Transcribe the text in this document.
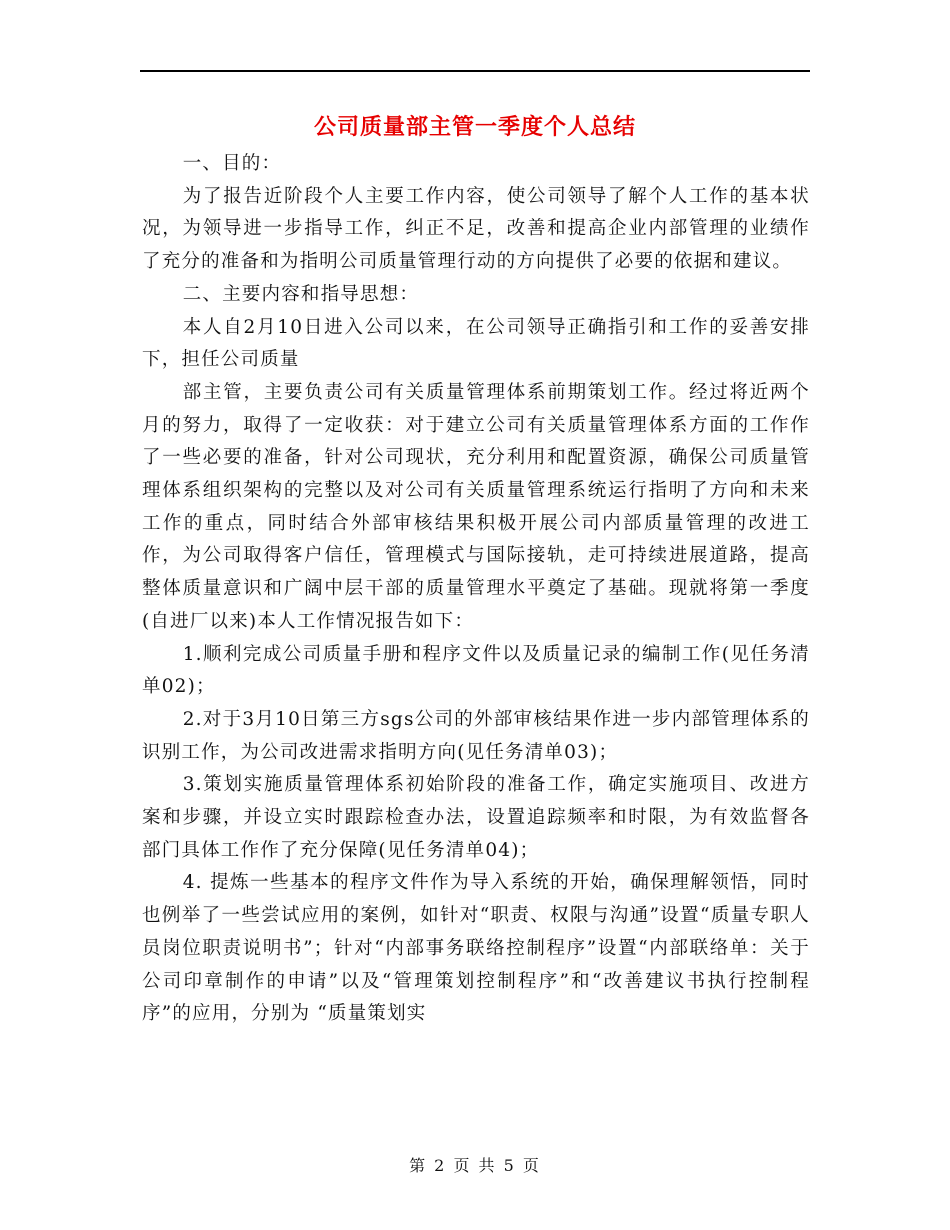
公司质量部主管一季度个人总结

一、目的：

为了报告近阶段个人主要工作内容，使公司领导了解个人工作的基本状况，为领导进一步指导工作，纠正不足，改善和提高企业内部管理的业绩作了充分的准备和为指明公司质量管理行动的方向提供了必要的依据和建议。

二、主要内容和指导思想：

本人自2月10日进入公司以来，在公司领导正确指引和工作的妥善安排下，担任公司质量

部主管，主要负责公司有关质量管理体系前期策划工作。经过将近两个月的努力，取得了一定收获：对于建立公司有关质量管理体系方面的工作作了一些必要的准备，针对公司现状，充分利用和配置资源，确保公司质量管理体系组织架构的完整以及对公司有关质量管理系统运行指明了方向和未来工作的重点，同时结合外部审核结果积极开展公司内部质量管理的改进工作，为公司取得客户信任，管理模式与国际接轨，走可持续进展道路，提高整体质量意识和广阔中层干部的质量管理水平奠定了基础。现就将第一季度(自进厂以来)本人工作情况报告如下：

1.顺利完成公司质量手册和程序文件以及质量记录的编制工作(见任务清单02)；

2.对于3月10日第三方sgs公司的外部审核结果作进一步内部管理体系的识别工作，为公司改进需求指明方向(见任务清单03)；

3.策划实施质量管理体系初始阶段的准备工作，确定实施项目、改进方案和步骤，并设立实时跟踪检查办法，设置追踪频率和时限，为有效监督各部门具体工作作了充分保障(见任务清单04)；

4. 提炼一些基本的程序文件作为导入系统的开始，确保理解领悟，同时也例举了一些尝试应用的案例，如针对“职责、权限与沟通”设置“质量专职人员岗位职责说明书”；针对“内部事务联络控制程序”设置“内部联络单：关于公司印章制作的申请”以及“管理策划控制程序”和“改善建议书执行控制程序”的应用，分别为 “质量策划实

第 2 页 共 5 页
